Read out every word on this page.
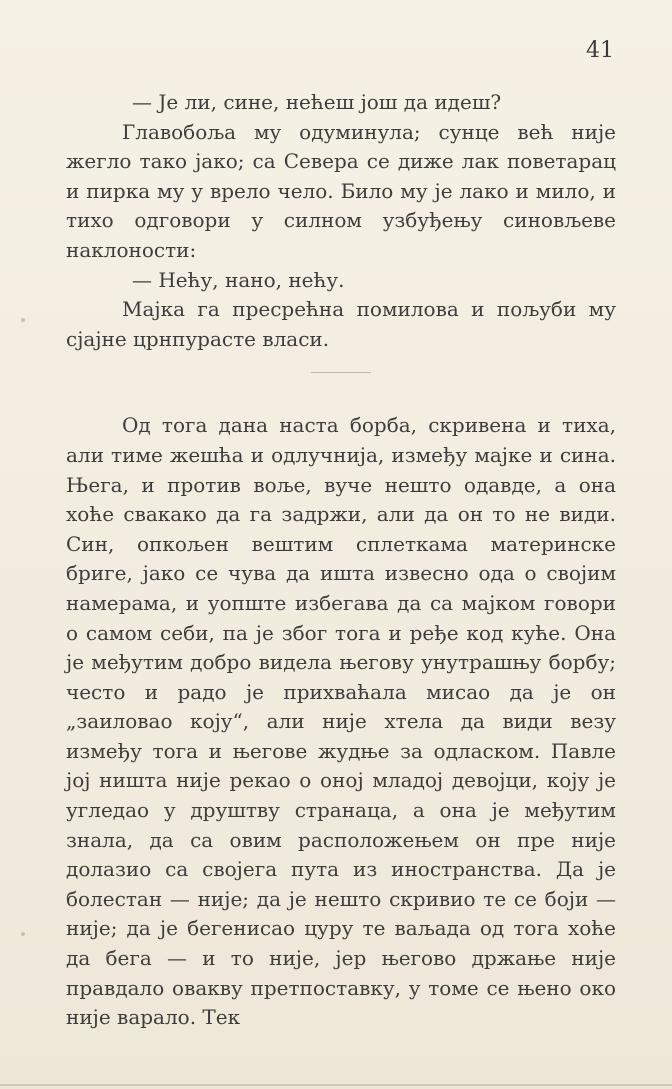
41

— Је ли, сине, нећеш још да идеш?

Главобоља му одуминула; сунце већ није жегло тако јако; са Севера се диже лак поветарац и пирка му у врело чело. Било му је лако и мило, и тихо одговори у силном узбуђењу синовљеве наклоности:

— Нећу, нано, нећу.

Мајка га пресрећна помилова и пољуби му сјајне црнпурасте власи.

Од тога дана наста борба, скривена и тиха, али тиме жешћа и одлучнија, између мајке и сина. Њега, и против воље, вуче нешто одавде, а она хоће свакако да га задржи, али да он то не види. Син, опкољен вештим сплеткама материнске бриге, јако се чува да ишта извесно ода о својим намерама, и уопште избегава да са мајком говори о самом себи, па је због тога и ређе код куће. Она је међутим добро видела његову унутрашњу борбу; често и радо је прихваћала мисао да је он „заиловао коју“, али није хтела да види везу између тога и његове жудње за одласком. Павле јој ништа није рекао о оној младој девојци, коју је угледао у друштву странаца, а она је међутим знала, да са овим расположењем он пре није долазио са својега пута из иностранства. Да је болестан — није; да је нешто скривио те се боји — није; да је бегенисао цуру те ваљада од тога хоће да бега — и то није, јер његово држање није правдало овакву претпоставку, у томе се њено око није варало. Тек
